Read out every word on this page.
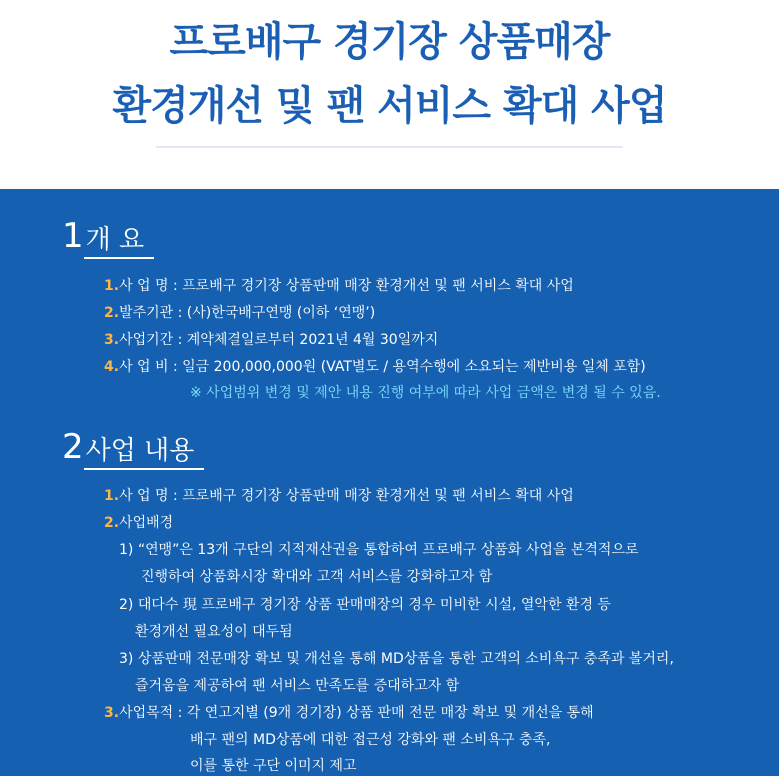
프로배구 경기장 상품매장
환경개선 및 팬 서비스 확대 사업
1개 요
1.사 업 명 : 프로배구 경기장 상품판매 매장 환경개선 및 팬 서비스 확대 사업
2.발주기관 : (사)한국배구연맹 (이하 ‘연맹’)
3.사업기간 : 계약체결일로부터 2021년 4월 30일까지
4.사 업 비 : 일금 200,000,000원 (VAT별도 / 용역수행에 소요되는 제반비용 일체 포함)
※ 사업범위 변경 및 제안 내용 진행 여부에 따라 사업 금액은 변경 될 수 있음.
2사업 내용
1.사 업 명 : 프로배구 경기장 상품판매 매장 환경개선 및 팬 서비스 확대 사업
2.사업배경
1) “연맹”은 13개 구단의 지적재산권을 통합하여 프로배구 상품화 사업을 본격적으로
진행하여 상품화시장 확대와 고객 서비스를 강화하고자 함
2) 대다수 現 프로배구 경기장 상품 판매매장의 경우 미비한 시설, 열악한 환경 등
환경개선 필요성이 대두됨
3) 상품판매 전문매장 확보 및 개선을 통해 MD상품을 통한 고객의 소비욕구 충족과 볼거리,
즐거움을 제공하여 팬 서비스 만족도를 증대하고자 함
3.사업목적 : 각 연고지별 (9개 경기장) 상품 판매 전문 매장 확보 및 개선을 통해
배구 팬의 MD상품에 대한 접근성 강화와 팬 소비욕구 충족,
이를 통한 구단 이미지 제고
